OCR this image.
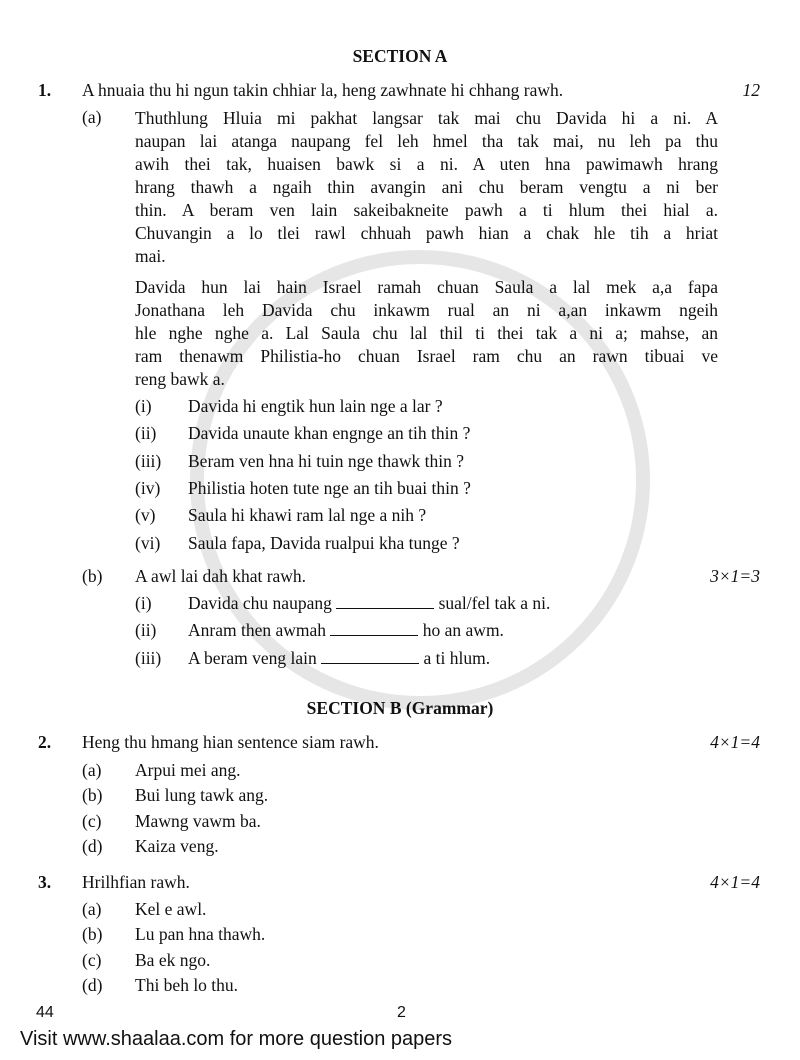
SECTION A
1. A hnuaia thu hi ngun takin chhiar la, heng zawhnate hi chhang rawh.	12
(a) Thuthlung Hluia mi pakhat langsar tak mai chu Davida hi a ni. A
naupan lai atanga naupang fel leh hmel tha tak mai, nu leh pa thu
awih thei tak, huaisen bawk si a ni. A uten hna pawimawh hrang
hrang thawh a ngaih thin avangin ani chu beram vengtu a ni ber
thin. A beram ven lain sakeibakneite pawh a ti hlum thei hial a.
Chuvangin a lo tlei rawl chhuah pawh hian a chak hle tih a hriat
mai.
Davida hun lai hain Israel ramah chuan Saula a lal mek a,a fapa
Jonathana leh Davida chu inkawm rual an ni a,an inkawm ngeih
hle nghe nghe a. Lal Saula chu lal thil ti thei tak a ni a; mahse, an
ram thenawm Philistia-ho chuan Israel ram chu an rawn tibuai ve
reng bawk a.
(i) Davida hi engtik hun lain nge a lar ?
(ii) Davida unaute khan engnge an tih thin ?
(iii) Beram ven hna hi tuin nge thawk thin ?
(iv) Philistia hoten tute nge an tih buai thin ?
(v) Saula hi khawi ram lal nge a nih ?
(vi) Saula fapa, Davida rualpui kha tunge ?
(b) A awl lai dah khat rawh.	3×1=3
(i) Davida chu naupang	sual/fel tak a ni.
(ii) Anram then awmah	ho an awm.
(iii) A beram veng lain	a ti hlum.
SECTION B (Grammar)
2. Heng thu hmang hian sentence siam rawh.	4×1=4
(a) Arpui mei ang.
(b) Bui lung tawk ang.
(c) Mawng vawm ba.
(d) Kaiza veng.
3. Hrilhfian rawh.	4×1=4
(a) Kel e awl.
(b) Lu pan hna thawh.
(c) Ba ek ngo.
(d) Thi beh lo thu.
44	2
Visit www.shaalaa.com for more question papers
